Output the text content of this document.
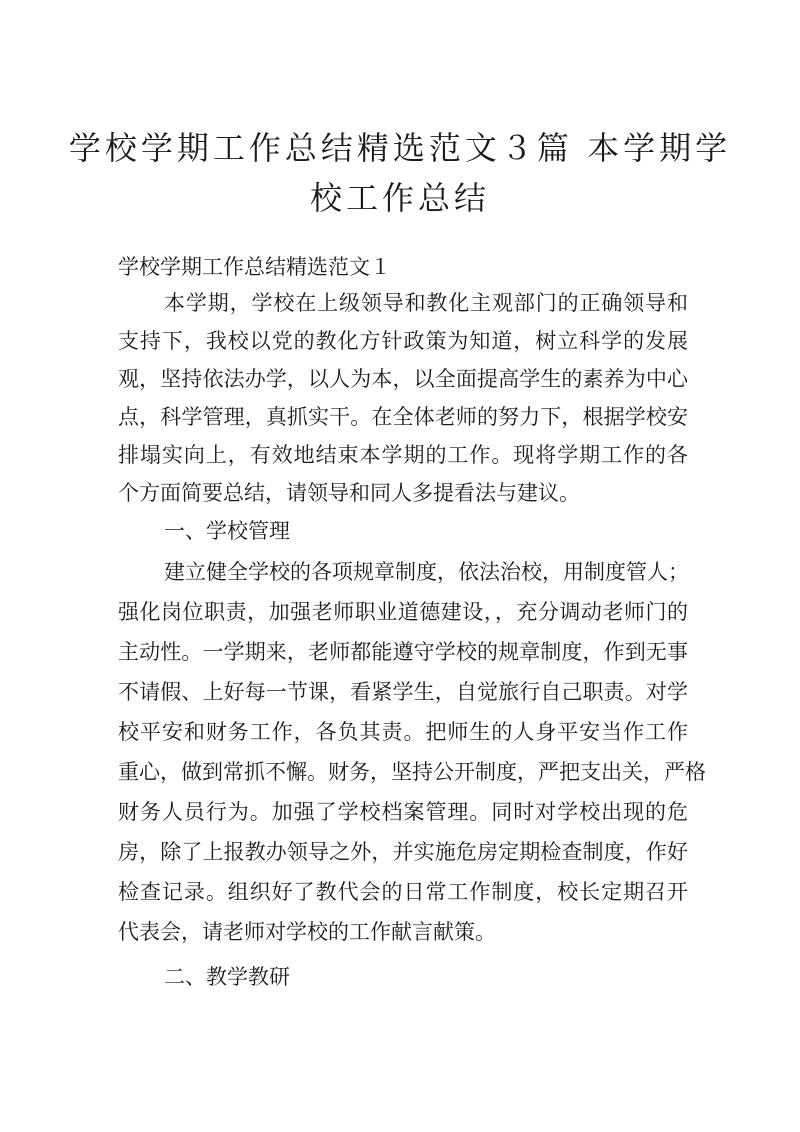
学校学期工作总结精选范文３篇 本学期学
校工作总结
学校学期工作总结精选范文１
本学期，学校在上级领导和教化主观部门的正确领导和
支持下，我校以党的教化方针政策为知道，树立科学的发展
观，坚持依法办学，以人为本，以全面提高学生的素养为中心
点，科学管理，真抓实干。在全体老师的努力下，根据学校安
排塌实向上，有效地结束本学期的工作。现将学期工作的各
个方面简要总结，请领导和同人多提看法与建议。
一、学校管理
建立健全学校的各项规章制度，依法治校，用制度管人；
强化岗位职责，加强老师职业道德建设，，充分调动老师门的
主动性。一学期来，老师都能遵守学校的规章制度，作到无事
不请假、上好每一节课，看紧学生，自觉旅行自己职责。对学
校平安和财务工作，各负其责。把师生的人身平安当作工作
重心，做到常抓不懈。财务，坚持公开制度，严把支出关，严格
财务人员行为。加强了学校档案管理。同时对学校出现的危
房，除了上报教办领导之外，并实施危房定期检查制度，作好
检查记录。组织好了教代会的日常工作制度，校长定期召开
代表会，请老师对学校的工作献言献策。
二、教学教研
